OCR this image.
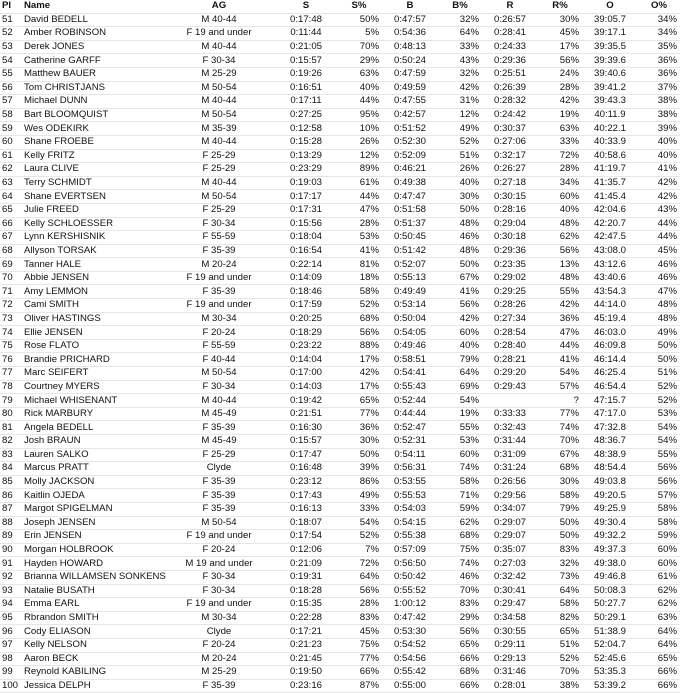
Pl	Name	AG	S	S%	B	B%	R	R%	O	O%
51	David BEDELL	M 40-44	0:17:48	50%	0:47:57	32%	0:26:57	30%	39:05.7	34%
52	Amber ROBINSON	F 19 and under	0:11:44	5%	0:54:36	64%	0:28:41	45%	39:17.1	34%
53	Derek JONES	M 40-44	0:21:05	70%	0:48:13	33%	0:24:33	17%	39:35.5	35%
54	Catherine GARFF	F 30-34	0:15:57	29%	0:50:24	43%	0:29:36	56%	39:39.6	36%
55	Matthew BAUER	M 25-29	0:19:26	63%	0:47:59	32%	0:25:51	24%	39:40.6	36%
56	Tom CHRISTJANS	M 50-54	0:16:51	40%	0:49:59	42%	0:26:39	28%	39:41.2	37%
57	Michael DUNN	M 40-44	0:17:11	44%	0:47:55	31%	0:28:32	42%	39:43.3	38%
58	Bart BLOOMQUIST	M 50-54	0:27:25	95%	0:42:57	12%	0:24:42	19%	40:11.9	38%
59	Wes ODEKIRK	M 35-39	0:12:58	10%	0:51:52	49%	0:30:37	63%	40:22.1	39%
60	Shane FROEBE	M 40-44	0:15:28	26%	0:52:30	52%	0:27:06	33%	40:33.9	40%
61	Kelly FRITZ	F 25-29	0:13:29	12%	0:52:09	51%	0:32:17	72%	40:58.6	40%
62	Laura CLIVE	F 25-29	0:23:29	89%	0:46:21	26%	0:26:27	28%	41:19.7	41%
63	Terry SCHMIDT	M 40-44	0:19:03	61%	0:49:38	40%	0:27:18	34%	41:35.7	42%
64	Shane EVERTSEN	M 50-54	0:17:17	44%	0:47:47	30%	0:30:15	60%	41:45.4	42%
65	Julie FREED	F 25-29	0:17:31	47%	0:51:58	50%	0:28:16	40%	42:04.6	43%
66	Kelly SCHLOESSER	F 30-34	0:15:56	28%	0:51:37	48%	0:29:04	48%	42:20.7	44%
67	Lynn KERSHISNIK	F 55-59	0:18:04	53%	0:50:45	46%	0:30:18	62%	42:47.5	44%
68	Allyson TORSAK	F 35-39	0:16:54	41%	0:51:42	48%	0:29:36	56%	43:08.0	45%
69	Tanner HALE	M 20-24	0:22:14	81%	0:52:07	50%	0:23:35	13%	43:12.6	46%
70	Abbie JENSEN	F 19 and under	0:14:09	18%	0:55:13	67%	0:29:02	48%	43:40.6	46%
71	Amy LEMMON	F 35-39	0:18:46	58%	0:49:49	41%	0:29:25	55%	43:54.3	47%
72	Cami SMITH	F 19 and under	0:17:59	52%	0:53:14	56%	0:28:26	42%	44:14.0	48%
73	Oliver HASTINGS	M 30-34	0:20:25	68%	0:50:04	42%	0:27:34	36%	45:19.4	48%
74	Ellie JENSEN	F 20-24	0:18:29	56%	0:54:05	60%	0:28:54	47%	46:03.0	49%
75	Rose FLATO	F 55-59	0:23:22	88%	0:49:46	40%	0:28:40	44%	46:09.8	50%
76	Brandie PRICHARD	F 40-44	0:14:04	17%	0:58:51	79%	0:28:21	41%	46:14.4	50%
77	Marc SEIFERT	M 50-54	0:17:00	42%	0:54:41	64%	0:29:20	54%	46:25.4	51%
78	Courtney MYERS	F 30-34	0:14:03	17%	0:55:43	69%	0:29:43	57%	46:54.4	52%
79	Michael WHISENANT	M 40-44	0:19:42	65%	0:52:44	54%		?	47:15.7	52%
80	Rick MARBURY	M 45-49	0:21:51	77%	0:44:44	19%	0:33:33	77%	47:17.0	53%
81	Angela BEDELL	F 35-39	0:16:30	36%	0:52:47	55%	0:32:43	74%	47:32.8	54%
82	Josh BRAUN	M 45-49	0:15:57	30%	0:52:31	53%	0:31:44	70%	48:36.7	54%
83	Lauren SALKO	F 25-29	0:17:47	50%	0:54:11	60%	0:31:09	67%	48:38.9	55%
84	Marcus PRATT	Clyde	0:16:48	39%	0:56:31	74%	0:31:24	68%	48:54.4	56%
85	Molly JACKSON	F 35-39	0:23:12	86%	0:53:55	58%	0:26:56	30%	49:03.8	56%
86	Kaitlin OJEDA	F 35-39	0:17:43	49%	0:55:53	71%	0:29:56	58%	49:20.5	57%
87	Margot SPIGELMAN	F 35-39	0:16:13	33%	0:54:03	59%	0:34:07	79%	49:25.9	58%
88	Joseph JENSEN	M 50-54	0:18:07	54%	0:54:15	62%	0:29:07	50%	49:30.4	58%
89	Erin JENSEN	F 19 and under	0:17:54	52%	0:55:38	68%	0:29:07	50%	49:32.2	59%
90	Morgan HOLBROOK	F 20-24	0:12:06	7%	0:57:09	75%	0:35:07	83%	49:37.3	60%
91	Hayden HOWARD	M 19 and under	0:21:09	72%	0:56:50	74%	0:27:03	32%	49:38.0	60%
92	Brianna WILLAMSEN SONKENS	F 30-34	0:19:31	64%	0:50:42	46%	0:32:42	73%	49:46.8	61%
93	Natalie BUSATH	F 30-34	0:18:28	56%	0:55:52	70%	0:30:41	64%	50:08.3	62%
94	Emma EARL	F 19 and under	0:15:35	28%	1:00:12	83%	0:29:47	58%	50:27.7	62%
95	Rbrandon SMITH	M 30-34	0:22:28	83%	0:47:42	29%	0:34:58	82%	50:29.1	63%
96	Cody ELIASON	Clyde	0:17:21	45%	0:53:30	56%	0:30:55	65%	51:38.9	64%
97	Kelly NELSON	F 20-24	0:21:23	75%	0:54:52	65%	0:29:11	51%	52:04.7	64%
98	Aaron BECK	M 20-24	0:21:45	77%	0:54:56	66%	0:29:13	52%	52:45.6	65%
99	Reynold KABILING	M 25-29	0:19:50	66%	0:55:42	68%	0:31:46	70%	53:35.3	66%
100	Jessica DELPH	F 35-39	0:23:16	87%	0:55:00	66%	0:28:01	38%	53:39.2	66%
